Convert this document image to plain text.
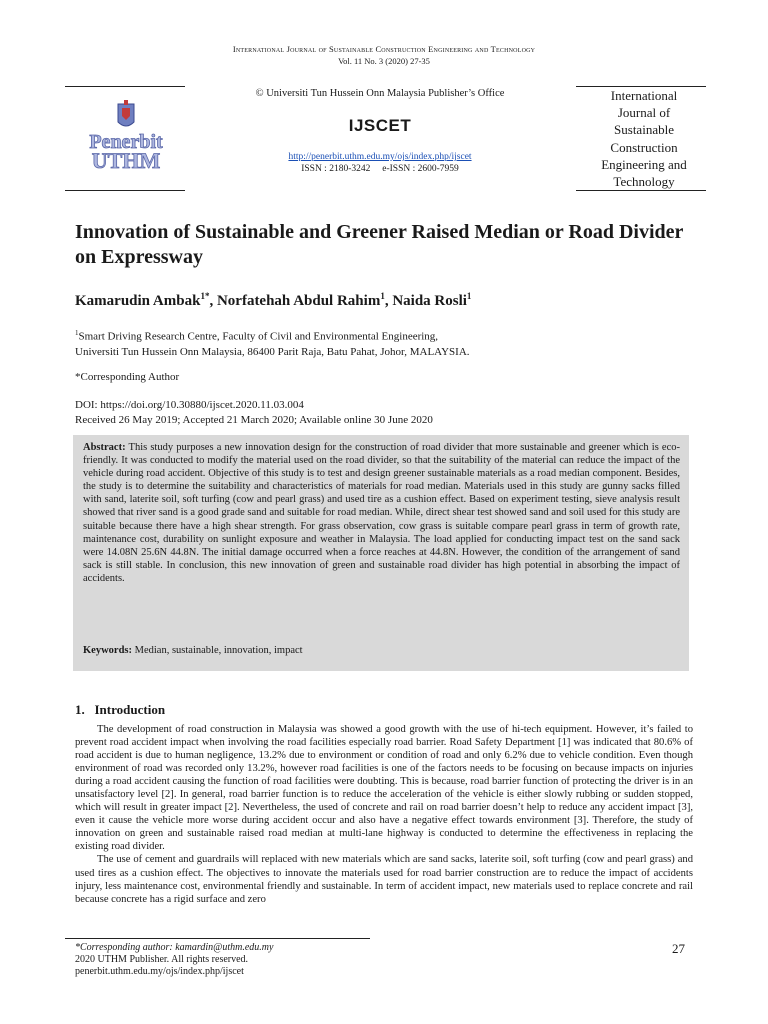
International Journal of Sustainable Construction Engineering and Technology
Vol. 11 No. 3 (2020) 27-35
Penerbit
UTHM
© Universiti Tun Hussein Onn Malaysia Publisher’s Office
IJSCET
http://penerbit.uthm.edu.my/ojs/index.php/ijscet
ISSN : 2180-3242     e-ISSN : 2600-7959
International
Journal of
Sustainable
Construction
Engineering and
Technology
Innovation of Sustainable and Greener Raised Median or Road Divider on Expressway
Kamarudin Ambak$^{1*}$, Norfatehah Abdul Rahim$^1$, Naida Rosli$^1$
$^1$Smart Driving Research Centre, Faculty of Civil and Environmental Engineering,
Universiti Tun Hussein Onn Malaysia, 86400 Parit Raja, Batu Pahat, Johor, MALAYSIA.
*Corresponding Author
DOI: https://doi.org/10.30880/ijscet.2020.11.03.004
Received 26 May 2019; Accepted 21 March 2020; Available online 30 June 2020
Abstract: This study purposes a new innovation design for the construction of road divider that more sustainable and greener which is eco-friendly. It was conducted to modify the material used on the road divider, so that the suitability of the material can reduce the impact of the vehicle during road accident. Objective of this study is to test and design greener sustainable materials as a road median component. Besides, the study is to determine the suitability and characteristics of materials for road median. Materials used in this study are gunny sacks filled with sand, laterite soil, soft turfing (cow and pearl grass) and used tire as a cushion effect. Based on experiment testing, sieve analysis result showed that river sand is a good grade sand and suitable for road median. While, direct shear test showed sand and soil used for this study are suitable because there have a high shear strength. For grass observation, cow grass is suitable compare pearl grass in term of growth rate, maintenance cost, durability on sunlight exposure and weather in Malaysia. The load applied for conducting impact test on the sand sack were 14.08N 25.6N 44.8N. The initial damage occurred when a force reaches at 44.8N. However, the condition of the arrangement of sand sack is still stable. In conclusion, this new innovation of green and sustainable road divider has high potential in absorbing the impact of accidents.
Keywords: Median, sustainable, innovation, impact
1.   Introduction

The development of road construction in Malaysia was showed a good growth with the use of hi-tech equipment. However, it’s failed to prevent road accident impact when involving the road facilities especially road barrier. Road Safety Department [1] was indicated that 80.6% of road accident is due to human negligence, 13.2% due to environment or condition of road and only 6.2% due to vehicle condition. Even though environment of road was recorded only 13.2%, however road facilities is one of the factors needs to be focusing on because impacts on injuries during a road accident causing the function of road facilities were doubting. This is because, road barrier function of protecting the driver is in an unsatisfactory level [2]. In general, road barrier function is to reduce the acceleration of the vehicle is either slowly rubbing or sudden stopped, which will result in greater impact [2]. Nevertheless, the used of concrete and rail on road barrier doesn’t help to reduce any accident impact [3], even it cause the vehicle more worse during accident occur and also have a negative effect towards environment [3]. Therefore, the study of innovation on green and sustainable raised road median at multi-lane highway is conducted to determine the effectiveness in replacing the existing road divider.

The use of cement and guardrails will replaced with new materials which are sand sacks, laterite soil, soft turfing (cow and pearl grass) and used tires as a cushion effect. The objectives to innovate the materials used for road barrier construction are to reduce the impact of accidents injury, less maintenance cost, environmental friendly and sustainable. In term of accident impact, new materials used to replace concrete and rail because concrete has a rigid surface and zero

*Corresponding author: kamardin@uthm.edu.my
2020 UTHM Publisher. All rights reserved.
penerbit.uthm.edu.my/ojs/index.php/ijscet
27
